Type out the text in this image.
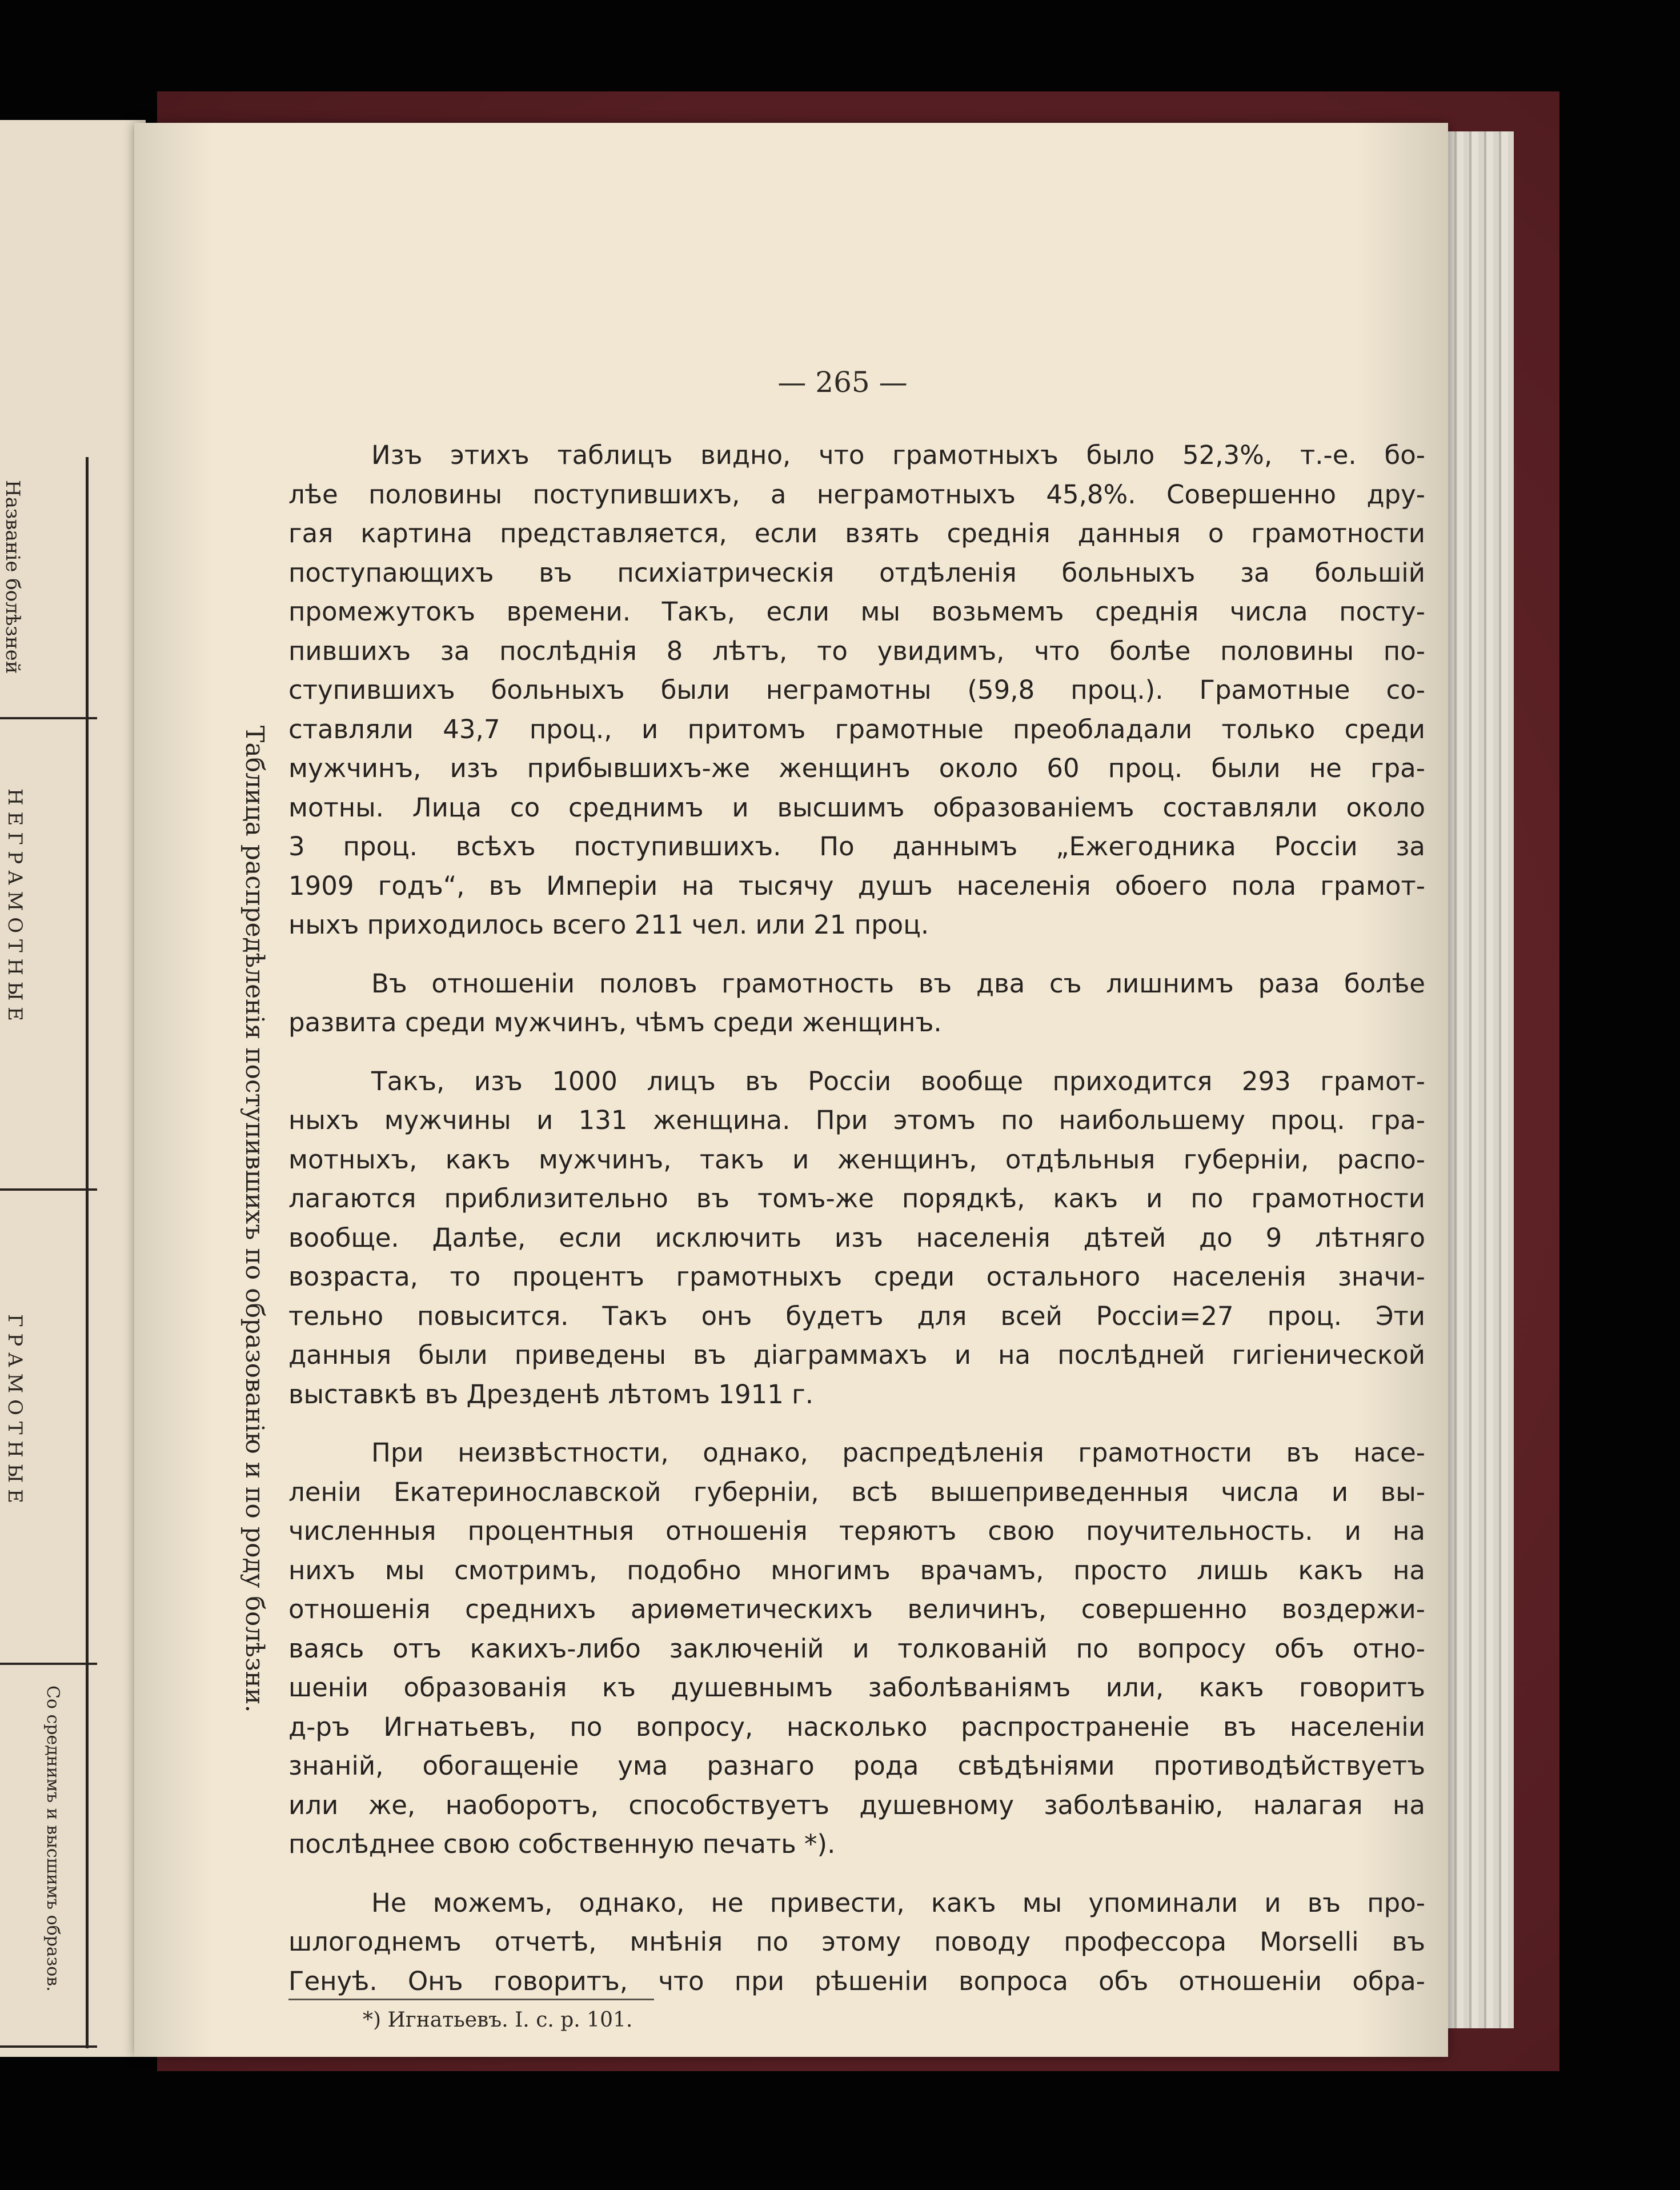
Названіе болѣзней
Н Е Г Р А М О Т Н Ы Е
Г Р А М О Т Н Ы Е
Со среднимъ и высшимъ образов.
Таблица распредѣленія поступившихъ по образованію и по роду болѣзни.
— 265 —
Изъ этихъ таблицъ видно, что грамотныхъ было 52,3%, т.-е. бо-
лѣе половины поступившихъ, а неграмотныхъ 45,8%. Совершенно дру-
гая картина представляется, если взять среднія данныя о грамотности
поступающихъ въ психіатрическія отдѣленія больныхъ за большій
промежутокъ времени. Такъ, если мы возьмемъ среднія числа посту-
пившихъ за послѣднія 8 лѣтъ, то увидимъ, что болѣе половины по-
ступившихъ больныхъ были неграмотны (59,8 проц.). Грамотные со-
ставляли 43,7 проц., и притомъ грамотные преобладали только среди
мужчинъ, изъ прибывшихъ-же женщинъ около 60 проц. были не гра-
мотны. Лица со среднимъ и высшимъ образованіемъ составляли около
3 проц. всѣхъ поступившихъ. По даннымъ „Ежегодника Россіи за
1909 годъ“, въ Имперіи на тысячу душъ населенія обоего пола грамот-
ныхъ приходилось всего 211 чел. или 21 проц.
Въ отношеніи половъ грамотность въ два съ лишнимъ раза болѣе
развита среди мужчинъ, чѣмъ среди женщинъ.
Такъ, изъ 1000 лицъ въ Россіи вообще приходится 293 грамот-
ныхъ мужчины и 131 женщина. При этомъ по наибольшему проц. гра-
мотныхъ, какъ мужчинъ, такъ и женщинъ, отдѣльныя губерніи, распо-
лагаются приблизительно въ томъ-же порядкѣ, какъ и по грамотности
вообще. Далѣе, если исключить изъ населенія дѣтей до 9 лѣтняго
возраста, то процентъ грамотныхъ среди остального населенія значи-
тельно повысится. Такъ онъ будетъ для всей Россіи=27 проц. Эти
данныя были приведены въ діаграммахъ и на послѣдней гигіенической
выставкѣ въ Дрезденѣ лѣтомъ 1911 г.
При неизвѣстности, однако, распредѣленія грамотности въ насе-
леніи Екатеринославской губерніи, всѣ вышеприведенныя числа и вы-
численныя процентныя отношенія теряютъ свою поучительность. и на
нихъ мы смотримъ, подобно многимъ врачамъ, просто лишь какъ на
отношенія среднихъ ариѳметическихъ величинъ, совершенно воздержи-
ваясь отъ какихъ-либо заключеній и толкованій по вопросу объ отно-
шеніи образованія къ душевнымъ заболѣваніямъ или, какъ говоритъ
д-ръ Игнатьевъ, по вопросу, насколько распространеніе въ населеніи
знаній, обогащеніе ума разнаго рода свѣдѣніями противодѣйствуетъ
или же, наоборотъ, способствуетъ душевному заболѣванію, налагая на
послѣднее свою собственную печать *).
Не можемъ, однако, не привести, какъ мы упоминали и въ про-
шлогоднемъ отчетѣ, мнѣнія по этому поводу профессора Morselli въ
Генуѣ. Онъ говоритъ, что при рѣшеніи вопроса объ отношеніи обра-
*) Игнатьевъ. I. c. p. 101.
